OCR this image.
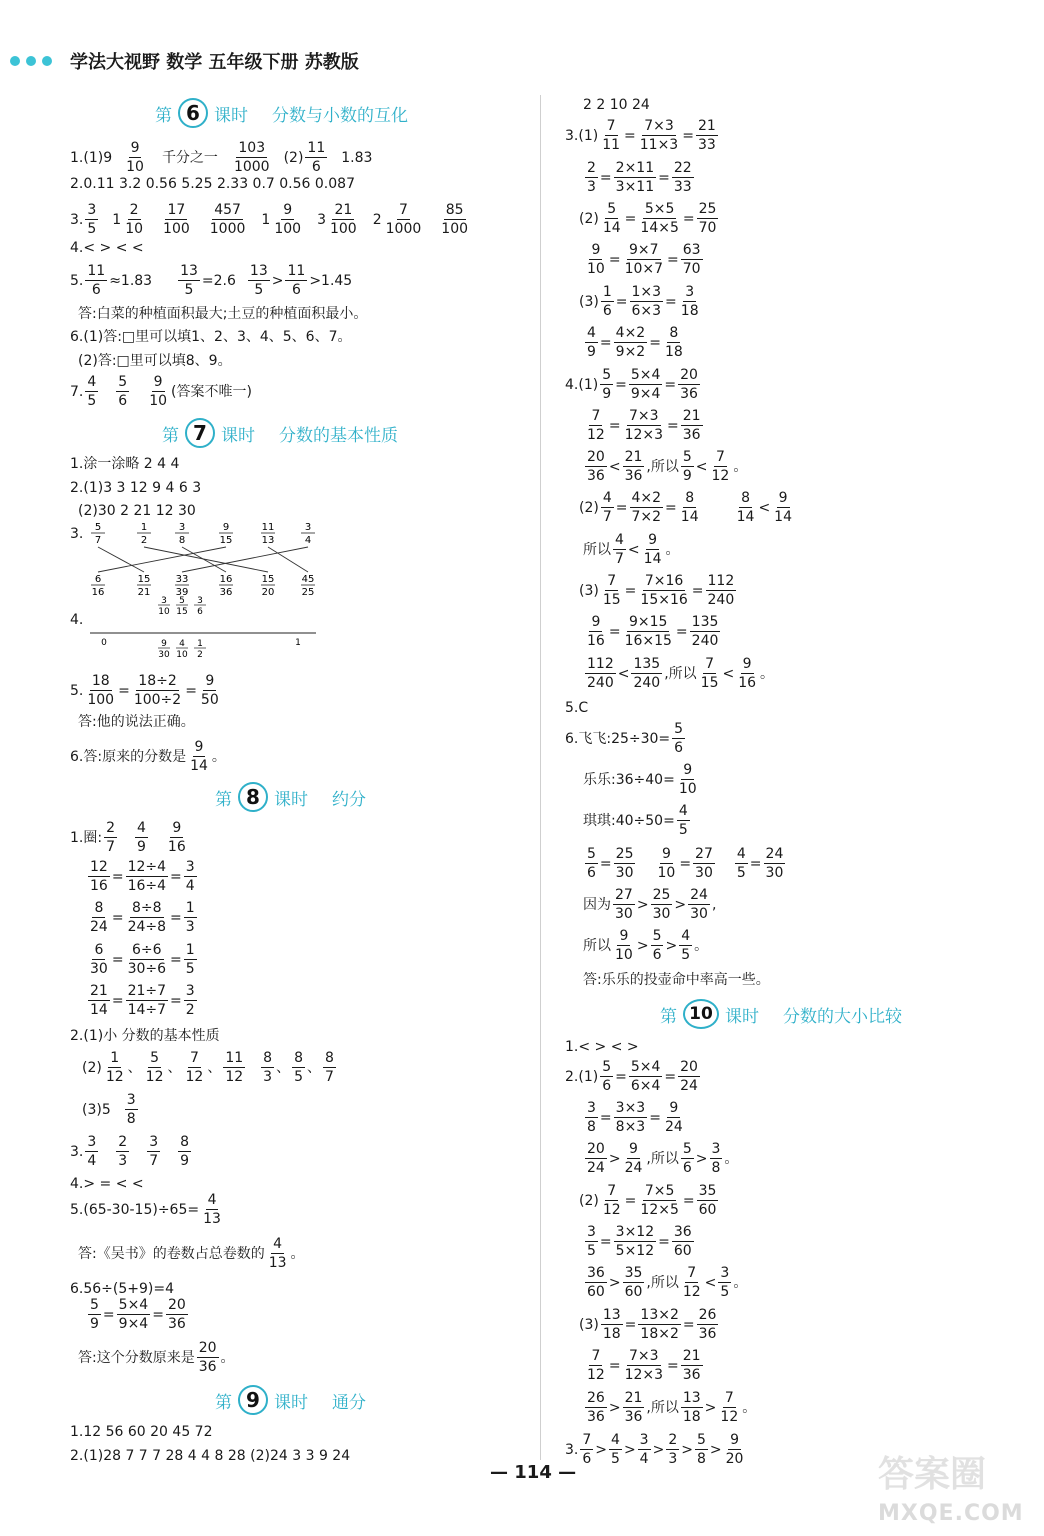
学法大视野 数学 五年级下册 苏教版
第 6 课时 分数与小数的互化
$1.(1)9 \frac{9}{10}$ 千分之一 $\frac{103}{1000} (2) \frac{11}{6} 1.83$
2.0.11 3.2 0.56 5.25 2.33 0.7 0.56 0.087
3. $\frac{3}{5} 1 \frac{2}{10} \frac{17}{100} \frac{457}{1000} 1 \frac{9}{100} 3 \frac{21}{100} 2 \frac{7}{1000} \frac{85}{100}$
4.< > < <
5. $\frac{11}{6} \approx 1.83 \frac{13}{5} =2.6 \frac{13}{5} > \frac{11}{6} >1.45$
答:白菜的种植面积最大;土豆的种植面积最小。
6.(1)答:□里可以填1、2、3、4、5、6、7。
(2)答:□里可以填8、9。
7. $\frac{4}{5} \frac{5}{6} \frac{9}{10}$ (答案不唯一)
第 7 课时 分数的基本性质
1.涂一涂略 2 4 4
2.(1)3 3 12 9 4 6 3
(2)30 2 21 12 30
3. 5
7
1
2
3
8
9
15
11
13
3
4
6
16
15
21
33
39
16
36
15
20
45
25
4.
3
10
5
15
3
6
9
30
4
10
1
2
0	1
5. $\frac{18}{100} = \frac{18\div 2}{100\div 2} = \frac{9}{50}$
答:他的说法正确。
6.答:原来的分数是 $\frac{9}{14}$ 。
第 8 课时 约分
1.圈: $\frac{2}{7} \frac{4}{9} \frac{9}{16}$
$\frac{12}{16} = \frac{12\div 4}{16\div 4} = \frac{3}{4}$
$\frac{8}{24} = \frac{8\div 8}{24\div 8} = \frac{1}{3}$
$\frac{6}{30} = \frac{6\div 6}{30\div 6} = \frac{1}{5}$
$\frac{21}{14} = \frac{21\div 7}{14\div 7} = \frac{3}{2}$
2.(1)小 分数的基本性质
$(2) \frac{1}{12}$ 、 $\frac{5}{12}$ 、 $\frac{7}{12}$ 、 $\frac{11}{12} \frac{8}{3}$ 、 $\frac{8}{5}$ 、 $\frac{8}{7}$
$(3)5 \frac{3}{8}$
3. $\frac{3}{4} \frac{2}{3} \frac{3}{7} \frac{8}{9}$
4.> = < <
$5.(65-30-15)\div 65= \frac{4}{13}$
答:《吴书》的卷数占总卷数的 $\frac{4}{13}$ 。
6.56÷(5+9)=4
$\frac{5}{9} = \frac{5\times 4}{9\times 4} = \frac{20}{36}$
答:这个分数原来是 $\frac{20}{36}$ 。
第 9 课时 通分
1.12 56 60 20 45 72
2.(1)28 7 7 7 28 4 4 8 28 (2)24 3 3 9 24
2 2 10 24
$3.(1) \frac{7}{11} = \frac{7\times 3}{11\times 3} = \frac{21}{33}$
$\frac{2}{3} = \frac{2\times 11}{3\times 11} = \frac{22}{33}$
$(2) \frac{5}{14} = \frac{5\times 5}{14\times 5} = \frac{25}{70}$
$\frac{9}{10} = \frac{9\times 7}{10\times 7} = \frac{63}{70}$
$(3) \frac{1}{6} = \frac{1\times 3}{6\times 3} = \frac{3}{18}$
$\frac{4}{9} = \frac{4\times 2}{9\times 2} = \frac{8}{18}$
$4.(1) \frac{5}{9} = \frac{5\times 4}{9\times 4} = \frac{20}{36}$
$\frac{7}{12} = \frac{7\times 3}{12\times 3} = \frac{21}{36}$
$\frac{20}{36} < \frac{21}{36}$ ,所以 $\frac{5}{9} < \frac{7}{12}$ 。
$(2) \frac{4}{7} = \frac{4\times 2}{7\times 2} = \frac{8}{14} \frac{8}{14} < \frac{9}{14}$
所以 $\frac{4}{7} < \frac{9}{14}$ 。
$(3) \frac{7}{15} = \frac{7\times 16}{15\times 16} = \frac{112}{240}$
$\frac{9}{16} = \frac{9\times 15}{16\times 15} = \frac{135}{240}$
$\frac{112}{240} < \frac{135}{240}$ ,所以 $\frac{7}{15} < \frac{9}{16}$ 。
5.C
6.飞飞:25÷30= $\frac{5}{6}$
乐乐:36÷40= $\frac{9}{10}$
琪琪:40÷50= $\frac{4}{5}$
$\frac{5}{6} = \frac{25}{30} \frac{9}{10} = \frac{27}{30} \frac{4}{5} = \frac{24}{30}$
因为 $\frac{27}{30} > \frac{25}{30} > \frac{24}{30}$ ,
所以 $\frac{9}{10} > \frac{5}{6} > \frac{4}{5}$ 。
答:乐乐的投壶命中率高一些。
第 10 课时 分数的大小比较
1.< > < >
$2.(1) \frac{5}{6} = \frac{5\times 4}{6\times 4} = \frac{20}{24}$
$\frac{3}{8} = \frac{3\times 3}{8\times 3} = \frac{9}{24}$
$\frac{20}{24} > \frac{9}{24}$ ,所以 $\frac{5}{6} > \frac{3}{8}$ 。
$(2) \frac{7}{12} = \frac{7\times 5}{12\times 5} = \frac{35}{60}$
$\frac{3}{5} = \frac{3\times 12}{5\times 12} = \frac{36}{60}$
$\frac{36}{60} > \frac{35}{60}$ ,所以 $\frac{7}{12} < \frac{3}{5}$ 。
$(3) \frac{13}{18} = \frac{13\times 2}{18\times 2} = \frac{26}{36}$
$\frac{7}{12} = \frac{7\times 3}{12\times 3} = \frac{21}{36}$
$\frac{26}{36} > \frac{21}{36}$ ,所以 $\frac{13}{18} > \frac{7}{12}$ 。
3. $\frac{7}{6} > \frac{4}{5} > \frac{3}{4} > \frac{2}{3} > \frac{5}{8} > \frac{9}{20}$
— 114 —	答案圈
MXQE.COM
